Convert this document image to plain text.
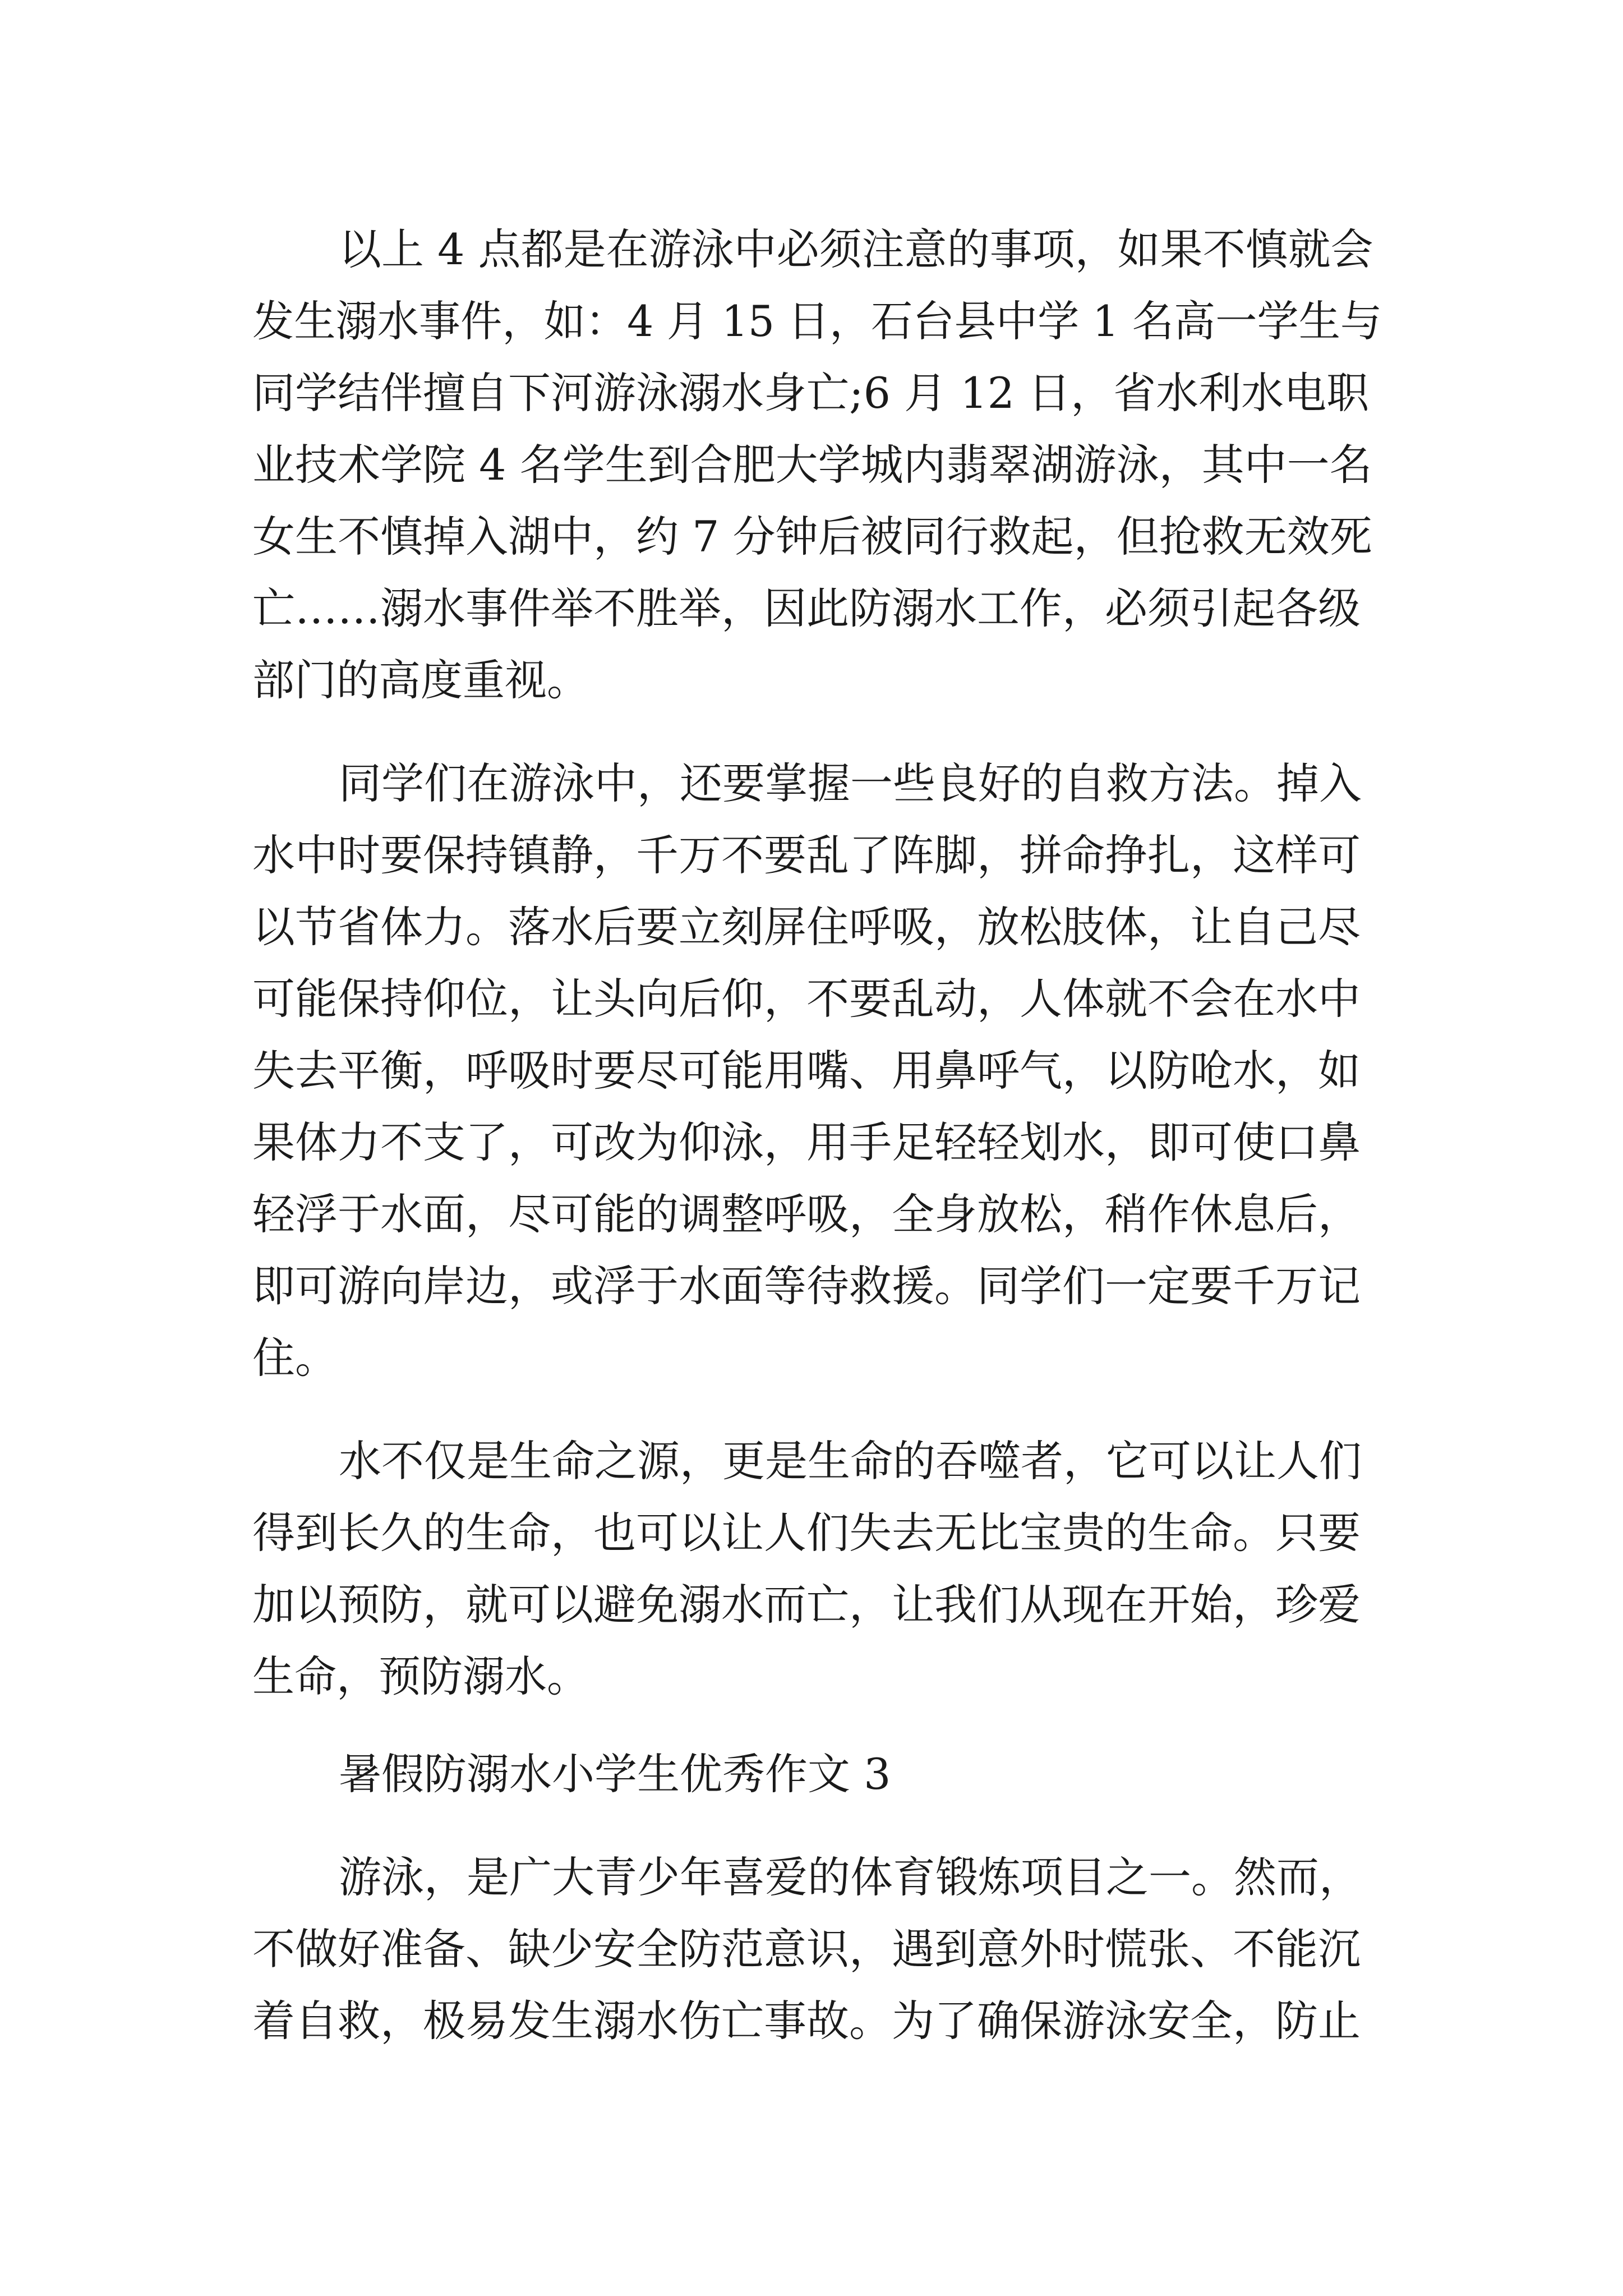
以上 4 点都是在游泳中必须注意的事项，如果不慎就会
发生溺水事件，如：4 月 15 日，石台县中学 1 名高一学生与
同学结伴擅自下河游泳溺水身亡;6 月 12 日，省水利水电职
业技术学院 4 名学生到合肥大学城内翡翠湖游泳，其中一名
女生不慎掉入湖中，约 7 分钟后被同行救起，但抢救无效死
亡……溺水事件举不胜举，因此防溺水工作，必须引起各级
部门的高度重视。
同学们在游泳中，还要掌握一些良好的自救方法。掉入
水中时要保持镇静，千万不要乱了阵脚，拼命挣扎，这样可
以节省体力。落水后要立刻屏住呼吸，放松肢体，让自己尽
可能保持仰位，让头向后仰，不要乱动，人体就不会在水中
失去平衡，呼吸时要尽可能用嘴、用鼻呼气，以防呛水，如
果体力不支了，可改为仰泳，用手足轻轻划水，即可使口鼻
轻浮于水面，尽可能的调整呼吸，全身放松，稍作休息后，
即可游向岸边，或浮于水面等待救援。同学们一定要千万记
住。
水不仅是生命之源，更是生命的吞噬者，它可以让人们
得到长久的生命，也可以让人们失去无比宝贵的生命。只要
加以预防，就可以避免溺水而亡，让我们从现在开始，珍爱
生命，预防溺水。
暑假防溺水小学生优秀作文 3
游泳，是广大青少年喜爱的体育锻炼项目之一。然而，
不做好准备、缺少安全防范意识，遇到意外时慌张、不能沉
着自救，极易发生溺水伤亡事故。为了确保游泳安全，防止
